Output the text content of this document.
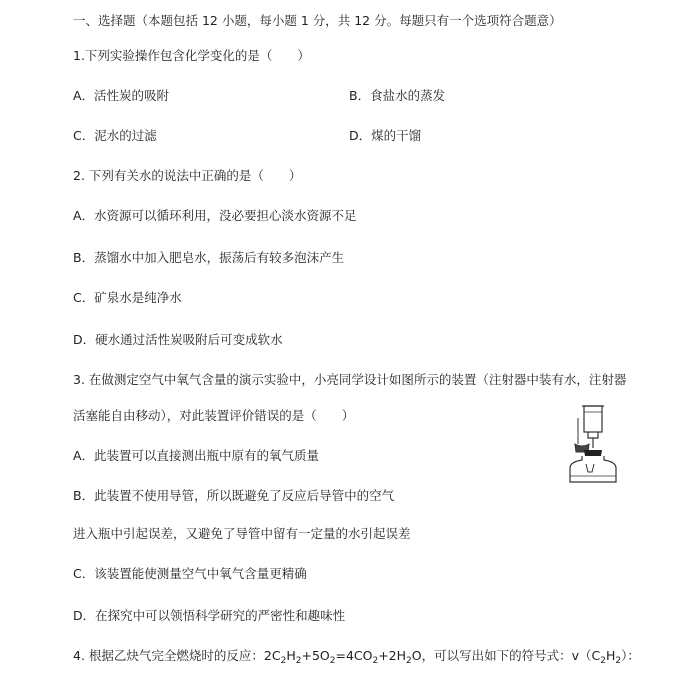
一、选择题（本题包括 12 小题，每小题 1 分，共 12 分。每题只有一个选项符合题意）
1.下列实验操作包含化学变化的是（　　）
A．活性炭的吸附	B．食盐水的蒸发
C．泥水的过滤	D．煤的干馏
2. 下列有关水的说法中正确的是（　　）
A．水资源可以循环利用，没必要担心淡水资源不足
B．蒸馏水中加入肥皂水，振荡后有较多泡沫产生
C．矿泉水是纯净水
D．硬水通过活性炭吸附后可变成软水
3. 在做测定空气中氧气含量的演示实验中，小亮同学设计如图所示的装置（注射器中装有水，注射器
活塞能自由移动），对此装置评价错误的是（　　）
A．此装置可以直接测出瓶中原有的氧气质量
B．此装置不使用导管，所以既避免了反应后导管中的空气
进入瓶中引起误差，又避免了导管中留有一定量的水引起误差
C．该装置能使测量空气中氧气含量更精确
D．在探究中可以领悟科学研究的严密性和趣味性
4. 根据乙炔气完全燃烧时的反应：$2C_2H_2+5O_2=4CO_2+2H_2O$，可以写出如下的符号式：$v(C_2H_2)$：
